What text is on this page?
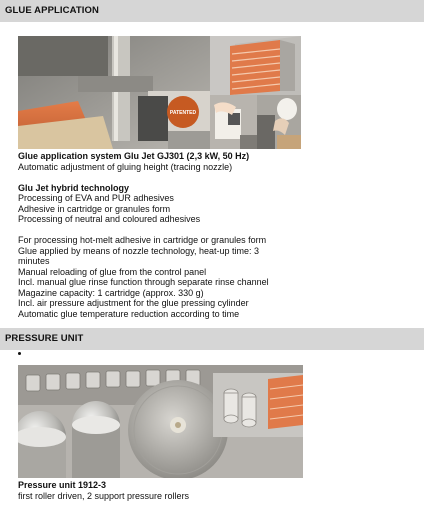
GLUE APPLICATION
PATENTED
Glue application system Glu Jet GJ301 (2,3 kW, 50 Hz)
Automatic adjustment of gluing height (tracing nozzle)
Glu Jet hybrid technology
Processing of EVA and PUR adhesives
Adhesive in cartridge or granules form
Processing of neutral and coloured adhesives
For processing hot-melt adhesive in cartridge or granules form
Glue applied by means of nozzle technology, heat-up time: 3
minutes
Manual reloading of glue from the control panel
Incl. manual glue rinse function through separate rinse channel
Magazine capacity: 1 cartridge (approx. 330 g)
Incl. air pressure adjustment for the glue pressing cylinder
Automatic glue temperature reduction according to time
PRESSURE UNIT
Pressure unit 1912-3
first roller driven, 2 support pressure rollers
